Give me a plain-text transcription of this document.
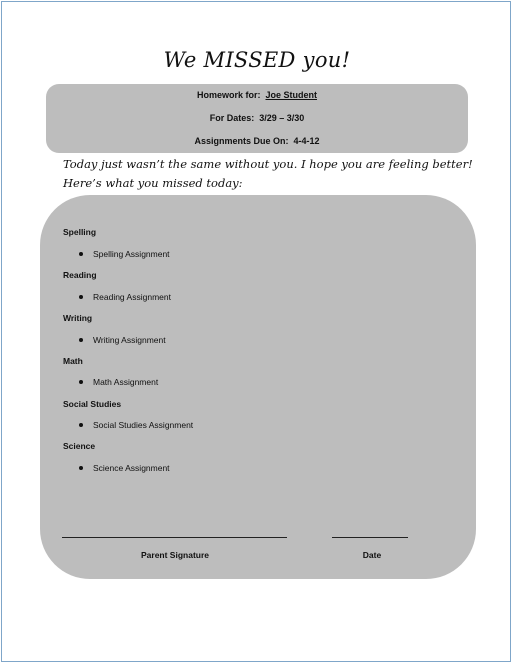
We MISSED you!
Homework for: Joe Student
For Dates: 3/29 – 3/30
Assignments Due On: 4-4-12
Today just wasn’t the same without you. I hope you are feeling better!
Here’s what you missed today:
Spelling
Spelling Assignment
Reading
Reading Assignment
Writing
Writing Assignment
Math
Math Assignment
Social Studies
Social Studies Assignment
Science
Science Assignment
Parent Signature	Date
